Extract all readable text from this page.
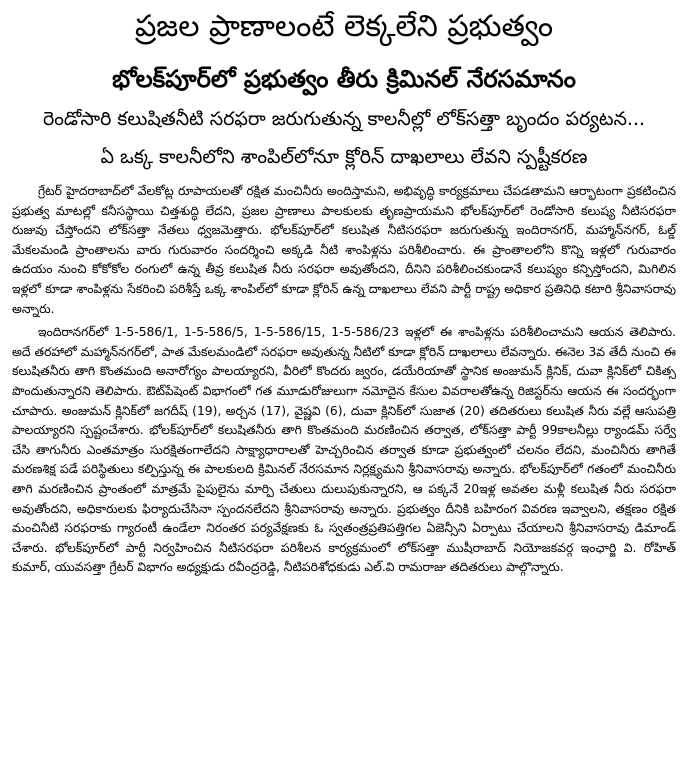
ప్రజల ప్రాణాలంటే లెక్కలేని ప్రభుత్వం
భోలక్‌పూర్‌లో ప్రభుత్వం తీరు క్రిమినల్ నేరసమానం
రెండోసారి కలుషితనీటి సరఫరా జరుగుతున్న కాలనీల్లో లోక్‌సత్తా బృందం పర్యటన...
ఏ ఒక్క కాలనీలోని శాంపిల్‌లోనూ క్లోరిన్ దాఖలాలు లేవని స్పష్టీకరణ

గ్రేటర్ హైదరాబాద్‌లో వేలకోట్ల రూపాయలతో రక్షిత మంచినీరు అందిస్తామని, అభివృద్ధి కార్యక్రమాలు చేపడతామని ఆర్భాటంగా ప్రకటించిన ప్రభుత్వ మాటల్లో కనీసస్థాయి చిత్తశుద్ధి లేదని, ప్రజల ప్రాణాలు పాలకులకు తృణప్రాయమని భోలక్‌పూర్‌లో రెండోసారి కలుష్య నీటిసరఫరా రుజువు చేస్తోందని లోక్‌సత్తా నేతలు ధ్వజమెత్తారు. భోలక్‌పూర్‌లో కలుషిత నీటిసరఫరా జరుగుతున్న ఇందిరానగర్, మహ్మాన్‌నగర్, ఓల్డ్ మేకలమండి ప్రాంతాలను వారు గురువారం సందర్శించి అక్కడి నీటి శాంపిళ్లను పరిశీలించారు. ఈ ప్రాంతాలలోని కొన్ని ఇళ్లలో గురువారం ఉదయం నుంచి కోకోకోల రంగులో ఉన్న తీవ్ర కలుషిత నీరు సరఫరా అవుతోందని, దీనిని పరిశీలించకుండానే కలుష్యం కన్పిస్తోందని, మిగిలిన ఇళ్లలో కూడా శాంపిళ్లను సేకరించి పరిశీస్తే ఒక్క శాంపిల్‌లో కూడా క్లోరిన్ ఉన్న దాఖలాలు లేవని పార్టీ రాష్ట్ర అధికార ప్రతినిధి కటారి శ్రీనివాసరావు అన్నారు.

ఇందిరానగర్‌లో 1-5-586/1, 1-5-586/5, 1-5-586/15, 1-5-586/23 ఇళ్లలో ఈ శాంపిళ్లను పరిశీలించామని ఆయన తెలిపారు. అదే తరహాలో మహ్మాన్‌నగర్‌లో, పాత మేకలమండిలో సరఫరా అవుతున్న నీటిలో కూడా క్లోరిన్ దాఖలాలు లేవన్నారు. ఈనెల 3వ తేదీ నుంచి ఈ కలుషితనీరు తాగి కొంతమంది అనారోగ్యం పాలయ్యారని, వీరిలో కొందరు జ్వరం, డయేరియాతో స్థానిక అంజుమన్ క్లినిక్, దువా క్లినిక్‌లో చికిత్స పొందుతున్నారని తెలిపారు. ఔట్‌పేషెంట్ విభాగంలో గత మూడురోజులుగా నమోదైన కేసుల వివరాలతోఉన్న రిజిస్టర్‌ను ఆయన ఈ సందర్భంగా చూపారు. అంజుమన్ క్లినిక్‌లో జగదీష్ (19), అర్చన (17), వైష్ణవి (6), దువా క్లినిక్‌లో సుజాత (20) తదితరులు కలుషిత నీరు వల్లే ఆసుపత్రి పాలయ్యారని స్పష్టంచేశారు. భోలక్‌పూర్‌లో కలుషితనీరు తాగి కొంతమంది మరణించిన తర్వాత, లోక్‌సత్తా పార్టీ 99కాలనీల్లు ర్యాండమ్ సర్వే చేసి తాగునీరు ఎంతమాత్రం సురక్షితంగాలేదని సాక్ష్యాధారాలతో హెచ్చరించిన తర్వాత కూడా ప్రభుత్వంలో చలనం లేదని, మంచినీరు తాగితే మరణశిక్ష పడే పరిస్థితులు కల్పిస్తున్న ఈ పాలకులది క్రిమినల్ నేరసమాన నిర్లక్ష్యమని శ్రీనివాసరావు అన్నారు. భోలక్‌పూర్‌లో గతంలో మంచినీరు తాగి మరణించిన ప్రాంతంలో మాత్రమే పైపులైను మార్పి చేతులు దులుపుకున్నారని, ఆ పక్కనే 20ఇళ్ల అవతల మళ్లీ కలుషిత నీరు సరఫరా అవుతోందని, అధికారులకు ఫిర్యాదుచేసినా స్పందనలేదని శ్రీనివాసరావు అన్నారు. ప్రభుత్వం దీనికి బహిరంగ వివరణ ఇవ్వాలని, తక్షణం రక్షిత మంచినీటి సరఫరాకు గ్యారంటీ ఉండేలా నిరంతర పర్యవేక్షణకు ఓ స్వతంత్రప్రతిపత్తిగల ఏజెన్సీని ఏర్పాటు చేయాలని శ్రీనివాసరావు డిమాండ్ చేశారు. భోలక్‌పూర్‌లో పార్టీ నిర్వహించిన నీటిసరఫరా పరిశీలన కార్యక్రమంలో లోక్‌సత్తా ముషీరాబాద్ నియోజకవర్గ ఇంఛార్జి వి. రోహిత్ కుమార్, యువసత్తా గ్రేటర్ విభాగం అధ్యక్షుడు రవీంద్రరెడ్డి, నీటిపరిశోధకుడు ఎల్.వి రామరాజు తదితరులు పాల్గొన్నారు.
